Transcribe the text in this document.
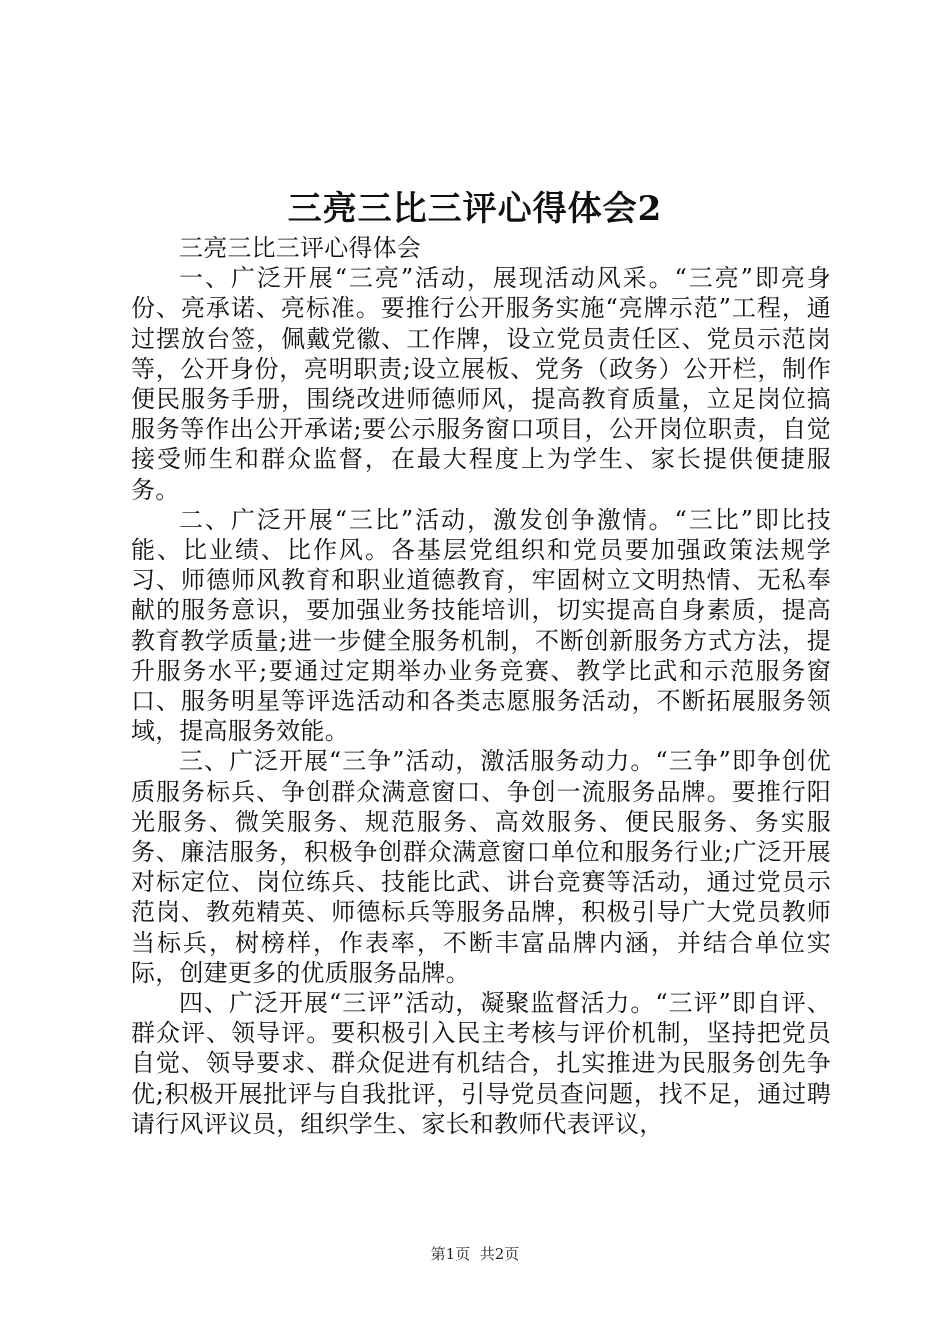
三亮三比三评心得体会2

三亮三比三评心得体会

一、广泛开展“三亮”活动，展现活动风采。“三亮”即亮身份、亮承诺、亮标准。要推行公开服务实施“亮牌示范”工程，通过摆放台签，佩戴党徽、工作牌，设立党员责任区、党员示范岗等，公开身份，亮明职责;设立展板、党务（政务）公开栏，制作便民服务手册，围绕改进师德师风，提高教育质量，立足岗位搞服务等作出公开承诺;要公示服务窗口项目，公开岗位职责，自觉接受师生和群众监督，在最大程度上为学生、家长提供便捷服务。

二、广泛开展“三比”活动，激发创争激情。“三比”即比技能、比业绩、比作风。各基层党组织和党员要加强政策法规学习、师德师风教育和职业道德教育，牢固树立文明热情、无私奉献的服务意识，要加强业务技能培训，切实提高自身素质，提高教育教学质量;进一步健全服务机制，不断创新服务方式方法，提升服务水平;要通过定期举办业务竞赛、教学比武和示范服务窗口、服务明星等评选活动和各类志愿服务活动，不断拓展服务领域，提高服务效能。

三、广泛开展“三争”活动，激活服务动力。“三争”即争创优质服务标兵、争创群众满意窗口、争创一流服务品牌。要推行阳光服务、微笑服务、规范服务、高效服务、便民服务、务实服务、廉洁服务，积极争创群众满意窗口单位和服务行业;广泛开展对标定位、岗位练兵、技能比武、讲台竞赛等活动，通过党员示范岗、教苑精英、师德标兵等服务品牌，积极引导广大党员教师当标兵，树榜样，作表率，不断丰富品牌内涵，并结合单位实际，创建更多的优质服务品牌。

四、广泛开展“三评”活动，凝聚监督活力。“三评”即自评、群众评、领导评。要积极引入民主考核与评价机制，坚持把党员自觉、领导要求、群众促进有机结合，扎实推进为民服务创先争优;积极开展批评与自我批评，引导党员查问题，找不足，通过聘请行风评议员，组织学生、家长和教师代表评议，

第1页 共2页
